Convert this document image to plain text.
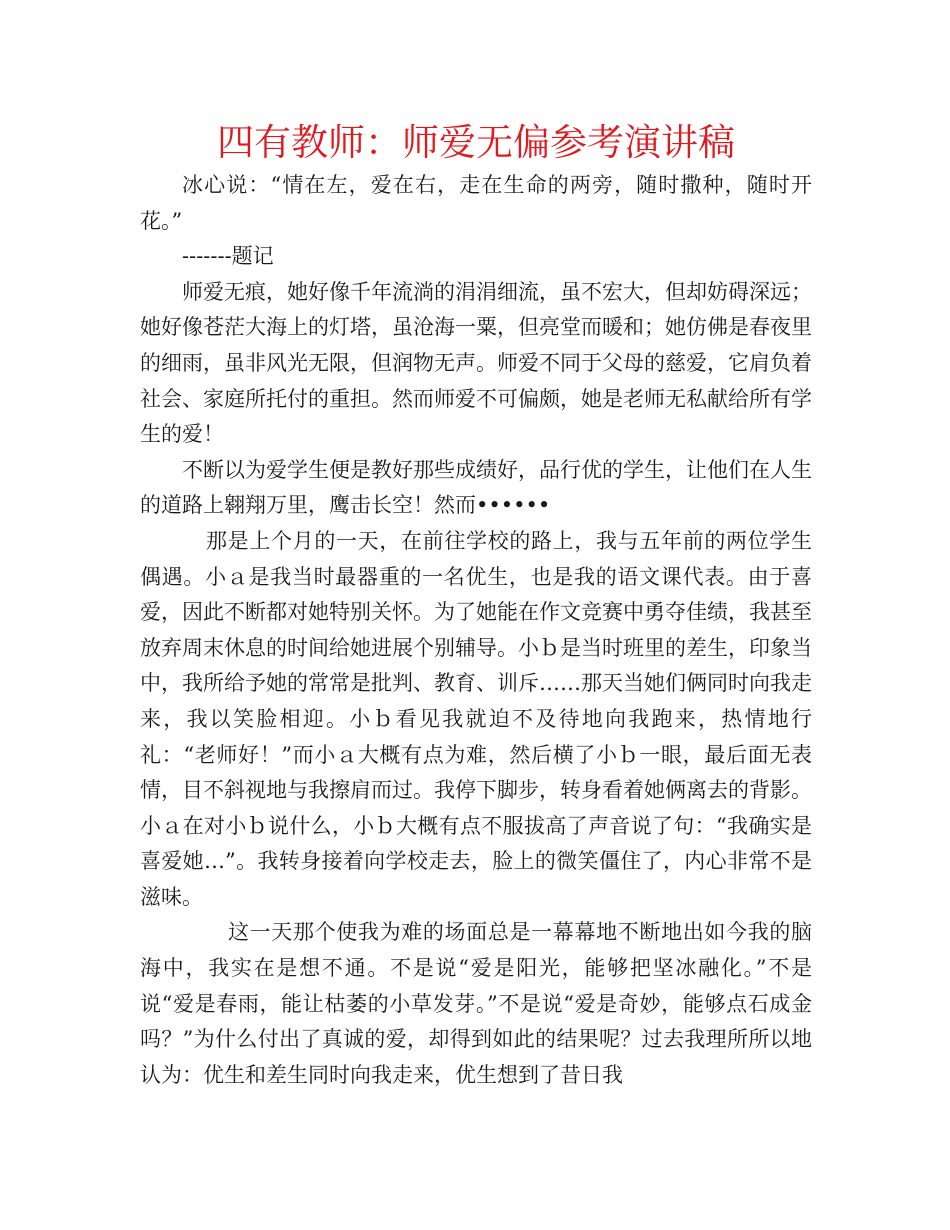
四有教师：师爱无偏参考演讲稿

冰心说：“情在左，爱在右，走在生命的两旁，随时撒种，随时开花。”

-------题记

师爱无痕，她好像千年流淌的涓涓细流，虽不宏大，但却妨碍深远；她好像苍茫大海上的灯塔，虽沧海一粟，但亮堂而暖和；她仿佛是春夜里的细雨，虽非风光无限，但润物无声。师爱不同于父母的慈爱，它肩负着社会、家庭所托付的重担。然而师爱不可偏颇，她是老师无私献给所有学生的爱！

不断以为爱学生便是教好那些成绩好，品行优的学生，让他们在人生的道路上翱翔万里，鹰击长空！然而••••••

那是上个月的一天，在前往学校的路上，我与五年前的两位学生偶遇。小ａ是我当时最器重的一名优生，也是我的语文课代表。由于喜爱，因此不断都对她特别关怀。为了她能在作文竞赛中勇夺佳绩，我甚至放弃周末休息的时间给她进展个别辅导。小ｂ是当时班里的差生，印象当中，我所给予她的常常是批判、教育、训斥……那天当她们俩同时向我走来，我以笑脸相迎。小ｂ看见我就迫不及待地向我跑来，热情地行礼：“老师好！”而小ａ大概有点为难，然后横了小ｂ一眼，最后面无表情，目不斜视地与我擦肩而过。我停下脚步，转身看着她俩离去的背影。小ａ在对小ｂ说什么，小ｂ大概有点不服拔高了声音说了句：“我确实是喜爱她…”。我转身接着向学校走去，脸上的微笑僵住了，内心非常不是滋味。

这一天那个使我为难的场面总是一幕幕地不断地出如今我的脑海中，我实在是想不通。不是说“爱是阳光，能够把坚冰融化。”不是说“爱是春雨，能让枯萎的小草发芽。”不是说“爱是奇妙，能够点石成金吗？”为什么付出了真诚的爱，却得到如此的结果呢？过去我理所所以地认为：优生和差生同时向我走来，优生想到了昔日我
